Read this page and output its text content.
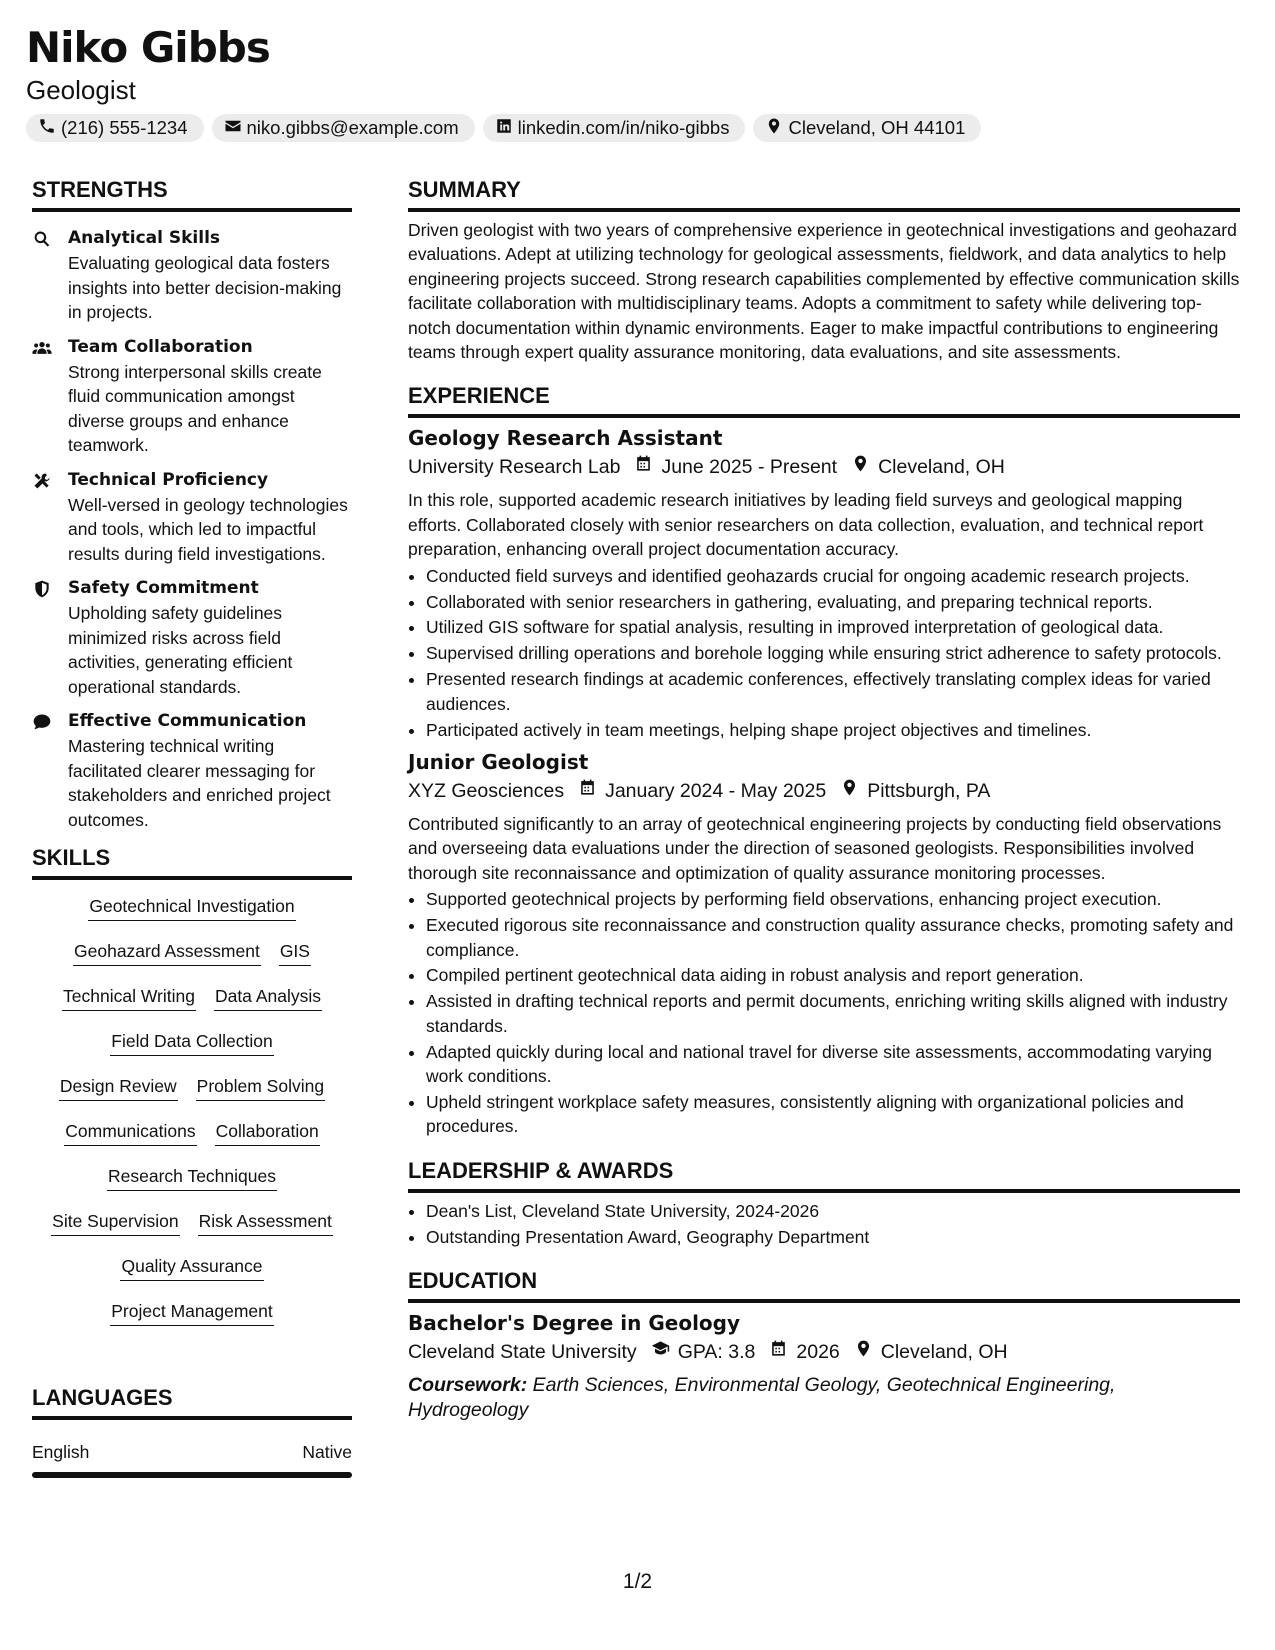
Niko Gibbs
Geologist
(216) 555-1234	niko.gibbs@example.com	linkedin.com/in/niko-gibbs	Cleveland, OH 44101
STRENGTHS
Analytical Skills
Evaluating geological data fosters insights into better decision-making in projects.
Team Collaboration
Strong interpersonal skills create fluid communication amongst diverse groups and enhance teamwork.
Technical Proficiency
Well-versed in geology technologies and tools, which led to impactful results during field investigations.
Safety Commitment
Upholding safety guidelines minimized risks across field activities, generating efficient operational standards.
Effective Communication
Mastering technical writing facilitated clearer messaging for stakeholders and enriched project outcomes.
SKILLS
Geotechnical Investigation
Geohazard Assessment GIS
Technical Writing Data Analysis
Field Data Collection
Design Review Problem Solving
Communications Collaboration
Research Techniques
Site Supervision Risk Assessment
Quality Assurance
Project Management
LANGUAGES
English	Native
SUMMARY
Driven geologist with two years of comprehensive experience in geotechnical investigations and geohazard evaluations. Adept at utilizing technology for geological assessments, fieldwork, and data analytics to help engineering projects succeed. Strong research capabilities complemented by effective communication skills facilitate collaboration with multidisciplinary teams. Adopts a commitment to safety while delivering top-notch documentation within dynamic environments. Eager to make impactful contributions to engineering teams through expert quality assurance monitoring, data evaluations, and site assessments.
EXPERIENCE
Geology Research Assistant
University Research Lab June 2025 - Present Cleveland, OH
In this role, supported academic research initiatives by leading field surveys and geological mapping efforts. Collaborated closely with senior researchers on data collection, evaluation, and technical report preparation, enhancing overall project documentation accuracy.
• Conducted field surveys and identified geohazards crucial for ongoing academic research projects.
• Collaborated with senior researchers in gathering, evaluating, and preparing technical reports.
• Utilized GIS software for spatial analysis, resulting in improved interpretation of geological data.
• Supervised drilling operations and borehole logging while ensuring strict adherence to safety protocols.
• Presented research findings at academic conferences, effectively translating complex ideas for varied audiences.
• Participated actively in team meetings, helping shape project objectives and timelines.
Junior Geologist
XYZ Geosciences January 2024 - May 2025 Pittsburgh, PA
Contributed significantly to an array of geotechnical engineering projects by conducting field observations and overseeing data evaluations under the direction of seasoned geologists. Responsibilities involved thorough site reconnaissance and optimization of quality assurance monitoring processes.
• Supported geotechnical projects by performing field observations, enhancing project execution.
• Executed rigorous site reconnaissance and construction quality assurance checks, promoting safety and compliance.
• Compiled pertinent geotechnical data aiding in robust analysis and report generation.
• Assisted in drafting technical reports and permit documents, enriching writing skills aligned with industry standards.
• Adapted quickly during local and national travel for diverse site assessments, accommodating varying work conditions.
• Upheld stringent workplace safety measures, consistently aligning with organizational policies and procedures.
LEADERSHIP & AWARDS
• Dean's List, Cleveland State University, 2024-2026
• Outstanding Presentation Award, Geography Department
EDUCATION
Bachelor's Degree in Geology
Cleveland State University GPA: 3.8 2026 Cleveland, OH
Coursework: Earth Sciences, Environmental Geology, Geotechnical Engineering, Hydrogeology
1/2
